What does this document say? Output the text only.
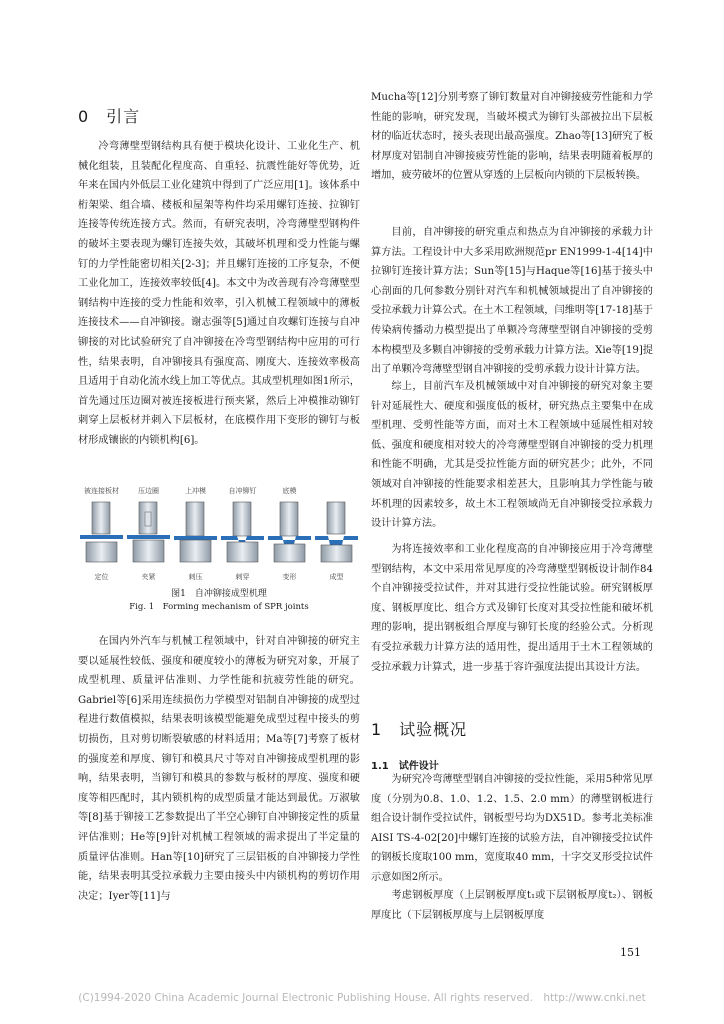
0　引言

冷弯薄壁型钢结构具有便于模块化设计、工业化生产、机械化组装，且装配化程度高、自重轻、抗震性能好等优势，近年来在国内外低层工业化建筑中得到了广泛应用[1]。该体系中桁架梁、组合墙、楼板和屋架等构件均采用螺钉连接、拉铆钉连接等传统连接方式。然而，有研究表明，冷弯薄壁型钢构件的破坏主要表现为螺钉连接失效，其破坏机理和受力性能与螺钉的力学性能密切相关[2-3]；并且螺钉连接的工序复杂，不便工业化加工，连接效率较低[4]。本文中为改善现有冷弯薄壁型钢结构中连接的受力性能和效率，引入机械工程领域中的薄板连接技术——自冲铆接。谢志强等[5]通过自攻螺钉连接与自冲铆接的对比试验研究了自冲铆接在冷弯型钢结构中应用的可行性，结果表明，自冲铆接具有强度高、刚度大、连接效率极高且适用于自动化流水线上加工等优点。其成型机理如图1所示，首先通过压边圈对被连接板进行预夹紧，然后上冲模推动铆钉刺穿上层板材并刺入下层板材，在底模作用下变形的铆钉与板材形成镶嵌的内锁机构[6]。

被连接板材	压边圈	上冲模	自冲铆钉	底模
定位	夹紧	刺压	刺穿	变形	成型
图1　自冲铆接成型机理
Fig. 1　Forming mechanism of SPR joints

在国内外汽车与机械工程领域中，针对自冲铆接的研究主要以延展性较低、强度和硬度较小的薄板为研究对象，开展了成型机理、质量评估准则、力学性能和抗疲劳性能的研究。Gabriel等[6]采用连续损伤力学模型对铝制自冲铆接的成型过程进行数值模拟，结果表明该模型能避免成型过程中接头的剪切损伤，且对剪切断裂敏感的材料适用；Ma等[7]考察了板材的强度差和厚度、铆钉和模具尺寸等对自冲铆接成型机理的影响，结果表明，当铆钉和模具的参数与板材的厚度、强度和硬度等相匹配时，其内锁机构的成型质量才能达到最优。万淑敏等[8]基于铆接工艺参数提出了半空心铆钉自冲铆接定性的质量评估准则；He等[9]针对机械工程领域的需求提出了半定量的质量评估准则。Han等[10]研究了三层铝板的自冲铆接力学性能，结果表明其受拉承载力主要由接头中内锁机构的剪切作用决定；Iyer等[11]与

Mucha等[12]分别考察了铆钉数量对自冲铆接疲劳性能和力学性能的影响，研究发现，当破坏模式为铆钉头部被拉出下层板材的临近状态时，接头表现出最高强度。Zhao等[13]研究了板材厚度对铝制自冲铆接疲劳性能的影响，结果表明随着板厚的增加，疲劳破坏的位置从穿透的上层板向内锁的下层板转换。

目前，自冲铆接的研究重点和热点为自冲铆接的承载力计算方法。工程设计中大多采用欧洲规范pr EN1999-1-4[14]中拉铆钉连接计算方法；Sun等[15]与Haque等[16]基于接头中心剖面的几何参数分别针对汽车和机械领域提出了自冲铆接的受拉承载力计算公式。在土木工程领域，闫维明等[17-18]基于传染病传播动力模型提出了单颗冷弯薄壁型钢自冲铆接的受剪本构模型及多颗自冲铆接的受剪承载力计算方法。Xie等[19]提出了单颗冷弯薄壁型钢自冲铆接的受剪承载力设计计算方法。

综上，目前汽车及机械领域中对自冲铆接的研究对象主要针对延展性大、硬度和强度低的板材，研究热点主要集中在成型机理、受剪性能等方面，而对土木工程领域中延展性相对较低、强度和硬度相对较大的冷弯薄壁型钢自冲铆接的受力机理和性能不明确，尤其是受拉性能方面的研究甚少；此外，不同领域对自冲铆接的性能要求相差甚大，且影响其力学性能与破坏机理的因素较多，故土木工程领域尚无自冲铆接受拉承载力设计计算方法。

为将连接效率和工业化程度高的自冲铆接应用于冷弯薄壁型钢结构，本文中采用常见厚度的冷弯薄壁型钢板设计制作84个自冲铆接受拉试件，并对其进行受拉性能试验。研究钢板厚度、钢板厚度比、组合方式及铆钉长度对其受拉性能和破坏机理的影响，提出钢板组合厚度与铆钉长度的经验公式。分析现有受拉承载力计算方法的适用性，提出适用于土木工程领域的受拉承载力计算式，进一步基于容许强度法提出其设计方法。

1　试验概况
1.1　试件设计

为研究冷弯薄壁型钢自冲铆接的受拉性能，采用5种常见厚度（分别为0.8、1.0、1.2、1.5、2.0 mm）的薄壁钢板进行组合设计制作受拉试件，钢板型号均为DX51D。参考北美标准AISI TS-4-02[20]中螺钉连接的试验方法，自冲铆接受拉试件的钢板长度取100 mm，宽度取40 mm，十字交叉形受拉试件示意如图2所示。

考虑钢板厚度（上层钢板厚度t₁或下层钢板厚度t₂）、钢板厚度比（下层钢板厚度与上层钢板厚度

151
(C)1994-2020 China Academic Journal Electronic Publishing House. All rights reserved.　http://www.cnki.net
